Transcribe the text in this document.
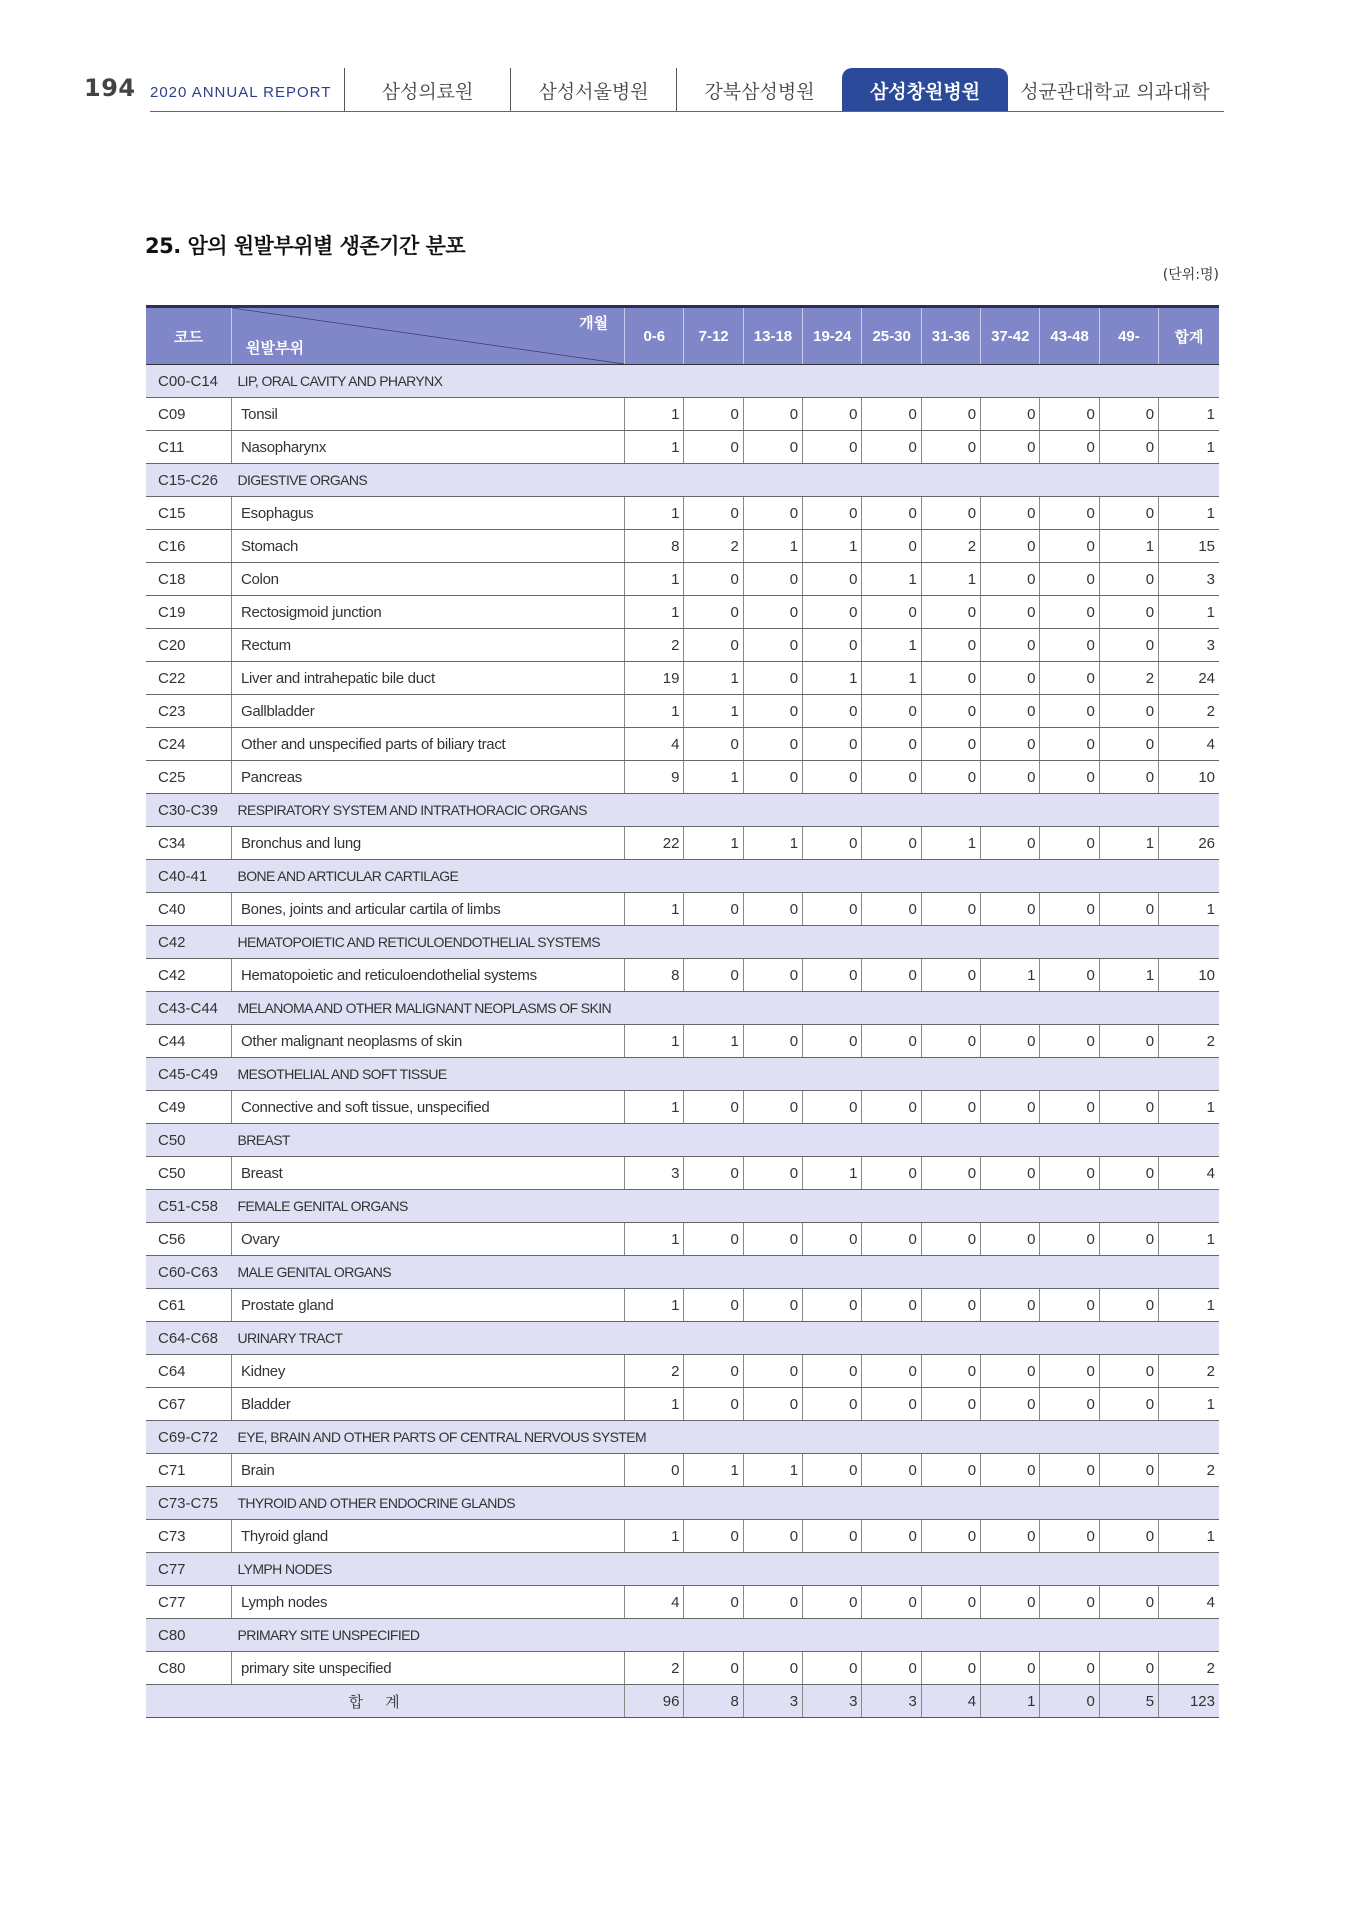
194 2020 ANNUAL REPORT	삼성의료원	삼성서울병원	강북삼성병원	삼성창원병원	성균관대학교 의과대학
25. 암의 원발부위별 생존기간 분포
(단위:명)
코드	개월
원발부위	0-6	7-12	13-18	19-24	25-30	31-36	37-42	43-48	49-	합계
C00-C14	LIP, ORAL CAVITY AND PHARYNX										
C09	Tonsil	1	0	0	0	0	0	0	0	0	1
C11	Nasopharynx	1	0	0	0	0	0	0	0	0	1
C15-C26	DIGESTIVE ORGANS										
C15	Esophagus	1	0	0	0	0	0	0	0	0	1
C16	Stomach	8	2	1	1	0	2	0	0	1	15
C18	Colon	1	0	0	0	1	1	0	0	0	3
C19	Rectosigmoid junction	1	0	0	0	0	0	0	0	0	1
C20	Rectum	2	0	0	0	1	0	0	0	0	3
C22	Liver and intrahepatic bile duct	19	1	0	1	1	0	0	0	2	24
C23	Gallbladder	1	1	0	0	0	0	0	0	0	2
C24	Other and unspecified parts of biliary tract	4	0	0	0	0	0	0	0	0	4
C25	Pancreas	9	1	0	0	0	0	0	0	0	10
C30-C39	RESPIRATORY SYSTEM AND INTRATHORACIC ORGANS										
C34	Bronchus and lung	22	1	1	0	0	1	0	0	1	26
C40-41	BONE AND ARTICULAR CARTILAGE										
C40	Bones, joints and articular cartila of limbs	1	0	0	0	0	0	0	0	0	1
C42	HEMATOPOIETIC AND RETICULOENDOTHELIAL SYSTEMS										
C42	Hematopoietic and reticuloendothelial systems	8	0	0	0	0	0	1	0	1	10
C43-C44	MELANOMA AND OTHER MALIGNANT NEOPLASMS OF SKIN										
C44	Other malignant neoplasms of skin	1	1	0	0	0	0	0	0	0	2
C45-C49	MESOTHELIAL AND SOFT TISSUE										
C49	Connective and soft tissue, unspecified	1	0	0	0	0	0	0	0	0	1
C50	BREAST										
C50	Breast	3	0	0	1	0	0	0	0	0	4
C51-C58	FEMALE GENITAL ORGANS										
C56	Ovary	1	0	0	0	0	0	0	0	0	1
C60-C63	MALE GENITAL ORGANS										
C61	Prostate gland	1	0	0	0	0	0	0	0	0	1
C64-C68	URINARY TRACT										
C64	Kidney	2	0	0	0	0	0	0	0	0	2
C67	Bladder	1	0	0	0	0	0	0	0	0	1
C69-C72	EYE, BRAIN AND OTHER PARTS OF CENTRAL NERVOUS SYSTEM										
C71	Brain	0	1	1	0	0	0	0	0	0	2
C73-C75	THYROID AND OTHER ENDOCRINE GLANDS										
C73	Thyroid gland	1	0	0	0	0	0	0	0	0	1
C77	LYMPH NODES										
C77	Lymph nodes	4	0	0	0	0	0	0	0	0	4
C80	PRIMARY SITE UNSPECIFIED										
C80	primary site unspecified	2	0	0	0	0	0	0	0	0	2
합계		96	8	3	3	3	4	1	0	5	123
